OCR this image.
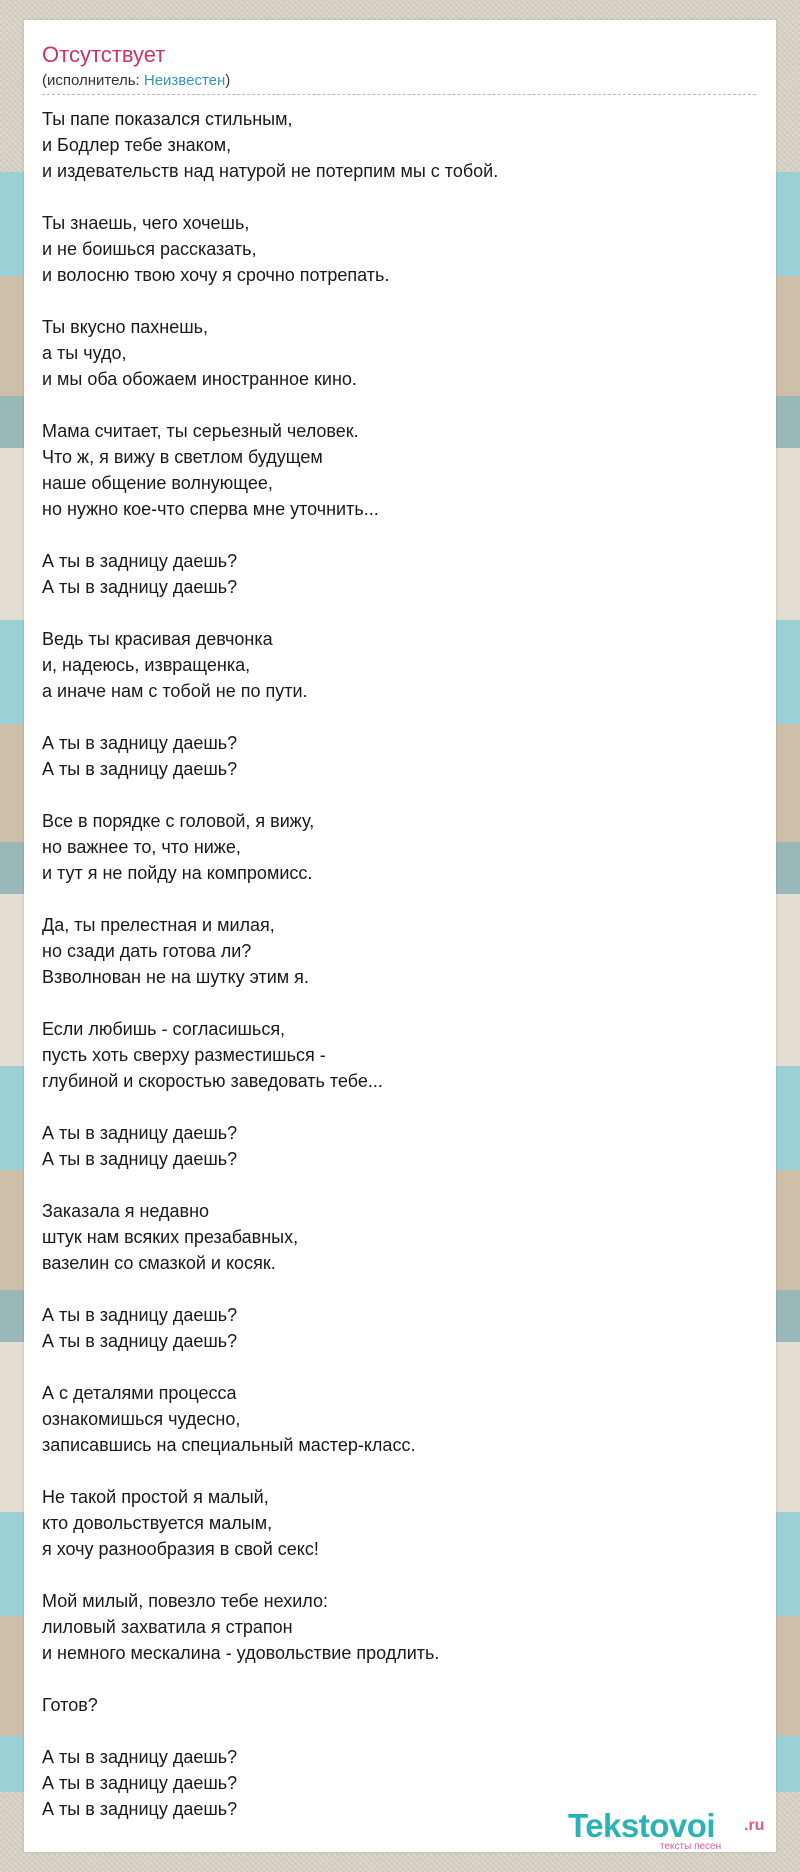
Отсутствует
(исполнитель: Неизвестен)
Ты папе показался стильным,
и Бодлер тебе знаком,
и издевательств над натурой не потерпим мы с тобой.
Ты знаешь, чего хочешь,
и не боишься рассказать,
и волосню твою хочу я срочно потрепать.
Ты вкусно пахнешь,
а ты чудо,
и мы оба обожаем иностранное кино.
Мама считает, ты серьезный человек.
Что ж, я вижу в светлом будущем
наше общение волнующее,
но нужно кое-что сперва мне уточнить...
А ты в задницу даешь?
А ты в задницу даешь?
Ведь ты красивая девчонка
и, надеюсь, извращенка,
а иначе нам с тобой не по пути.
А ты в задницу даешь?
А ты в задницу даешь?
Все в порядке с головой, я вижу,
но важнее то, что ниже,
и тут я не пойду на компромисс.
Да, ты прелестная и милая,
но сзади дать готова ли?
Взволнован не на шутку этим я.
Если любишь - согласишься,
пусть хоть сверху разместишься -
глубиной и скоростью заведовать тебе...
А ты в задницу даешь?
А ты в задницу даешь?
Заказала я недавно
штук нам всяких презабавных,
вазелин со смазкой и косяк.
А ты в задницу даешь?
А ты в задницу даешь?
А с деталями процесса
ознакомишься чудесно,
записавшись на специальный мастер-класс.
Не такой простой я малый,
кто довольствуется малым,
я хочу разнообразия в свой секс!
Мой милый, повезло тебе нехило:
лиловый захватила я страпон
и немного мескалина - удовольствие продлить.
Готов?
А ты в задницу даешь?
А ты в задницу даешь?
А ты в задницу даешь?	Tekstovoi .ru
тексты песен
